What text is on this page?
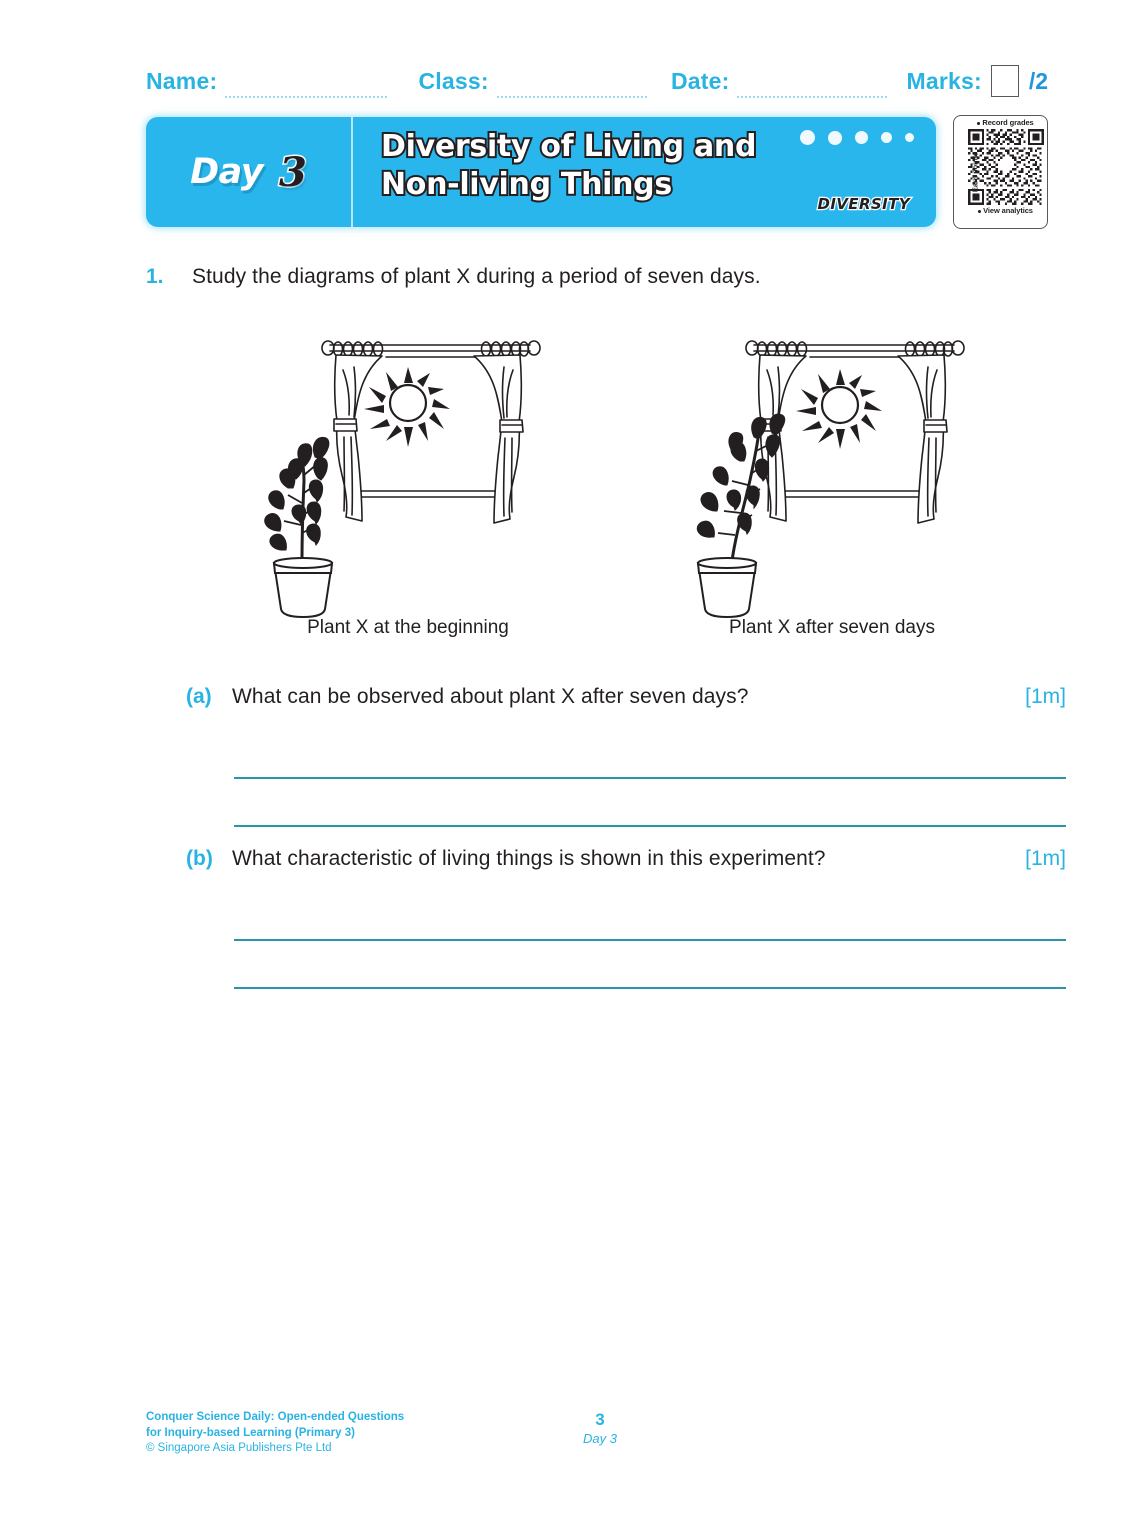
Name:	Class:	Date:	Marks: /2
Day 3
Diversity of Living and
Non-living Things
DIVERSITY
Record grades
Earn points
View analytics
1. Study the diagrams of plant X during a period of seven days.
Plant X at the beginning	Plant X after seven days
(a) What can be observed about plant X after seven days?	[1m]
(b) What characteristic of living things is shown in this experiment?	[1m]
Conquer Science Daily: Open-ended Questions
for Inquiry-based Learning (Primary 3)
© Singapore Asia Publishers Pte Ltd
3
Day 3
